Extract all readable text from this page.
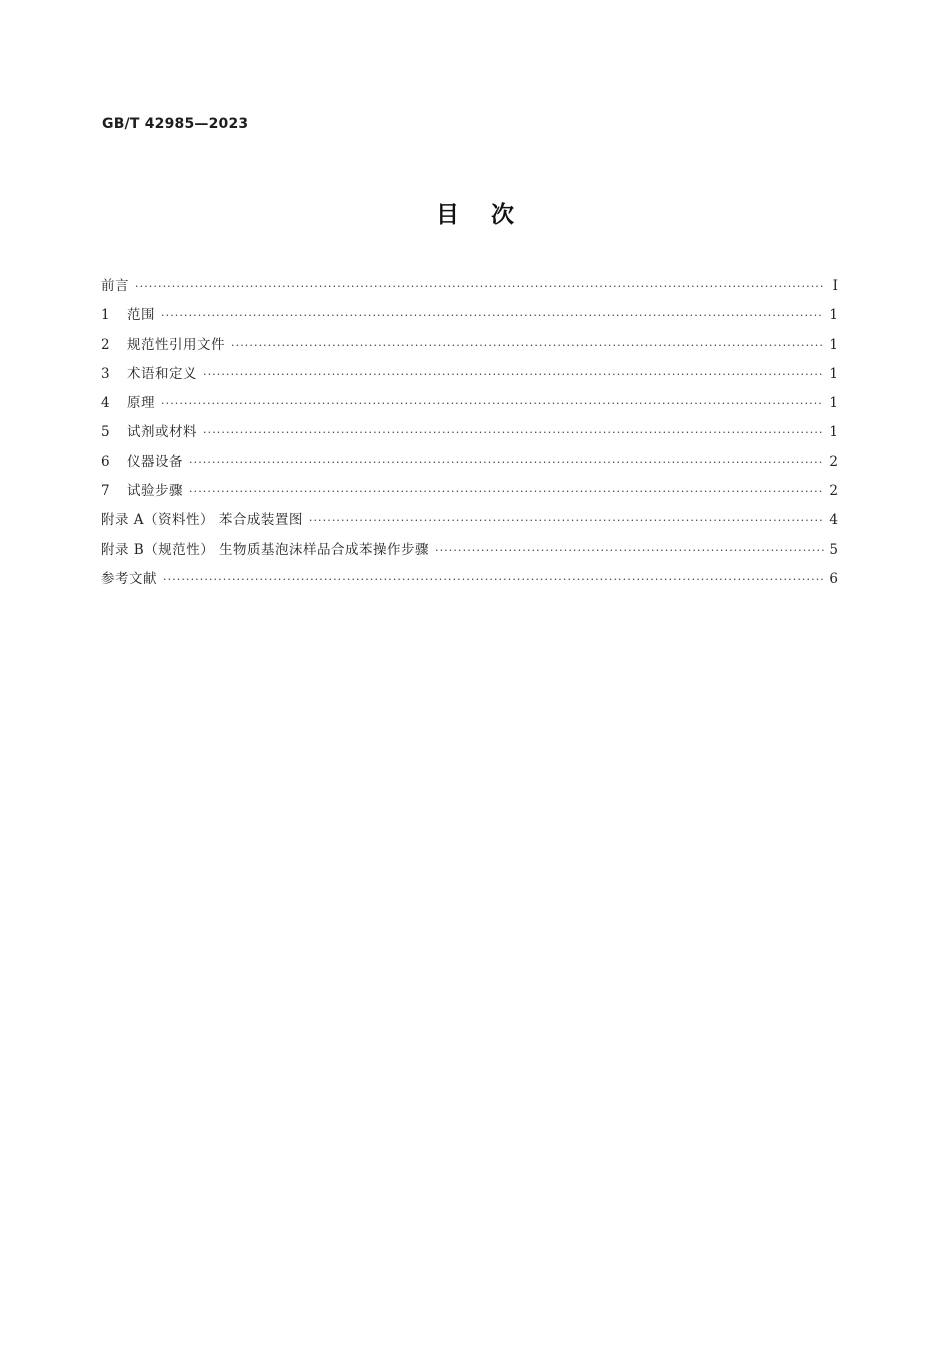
GB/T 42985—2023
目    次
前言 ·····	I
1	范围 ·····	1
2	规范性引用文件 ·····	1
3	术语和定义 ·····	1
4	原理 ·····	1
5	试剂或材料 ·····	1
6	仪器设备 ·····	2
7	试验步骤 ·····	2
附录 A（资料性） 苯合成装置图 ·····	4
附录 B（规范性） 生物质基泡沫样品合成苯操作步骤 ·····	5
参考文献 ·····	6
